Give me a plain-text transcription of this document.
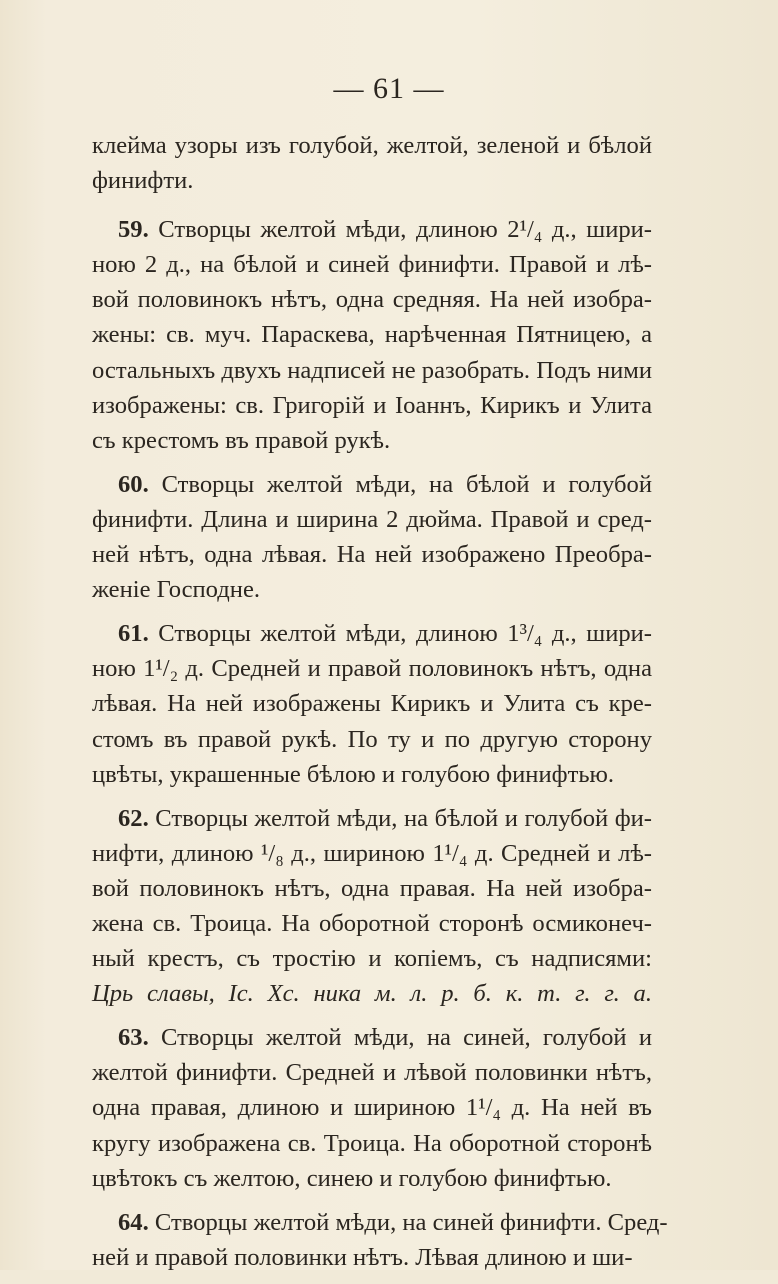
— 61 —
клейма узоры изъ голубой, желтой, зеленой и бѣлой
финифти.
59. Створцы желтой мѣди, длиною 2¹/₄ д., шири-
ною 2 д., на бѣлой и синей финифти. Правой и лѣ-
вой половинокъ нѣтъ, одна средняя. На ней изобра-
жены: св. муч. Параскева, нарѣченная Пятницею, а
остальныхъ двухъ надписей не разобрать. Подъ ними
изображены: св. Григорій и Іоаннъ, Кирикъ и Улита
съ крестомъ въ правой рукѣ.
60. Створцы желтой мѣди, на бѣлой и голубой
финифти. Длина и ширина 2 дюйма. Правой и сред-
ней нѣтъ, одна лѣвая. На ней изображено Преобра-
женіе Господне.
61. Створцы желтой мѣди, длиною 1³/₄ д., шири-
ною 1¹/₂ д. Средней и правой половинокъ нѣтъ, одна
лѣвая. На ней изображены Кирикъ и Улита съ кре-
стомъ въ правой рукѣ. По ту и по другую сторону
цвѣты, украшенные бѣлою и голубою финифтью.
62. Створцы желтой мѣди, на бѣлой и голубой фи-
нифти, длиною ¹/₈ д., шириною 1¹/₄ д. Средней и лѣ-
вой половинокъ нѣтъ, одна правая. На ней изобра-
жена св. Троица. На оборотной сторонѣ осмиконеч-
ный крестъ, съ тростію и копіемъ, съ надписями:
Црь славы, Іс. Хс. ника м. л. р. б. к. т. г. г. а.
63. Створцы желтой мѣди, на синей, голубой и
желтой финифти. Средней и лѣвой половинки нѣтъ,
одна правая, длиною и шириною 1¹/₄ д. На ней въ
кругу изображена св. Троица. На оборотной сторонѣ
цвѣтокъ съ желтою, синею и голубою финифтью.
64. Створцы желтой мѣди, на синей финифти. Сред-
ней и правой половинки нѣтъ. Лѣвая длиною и ши-
